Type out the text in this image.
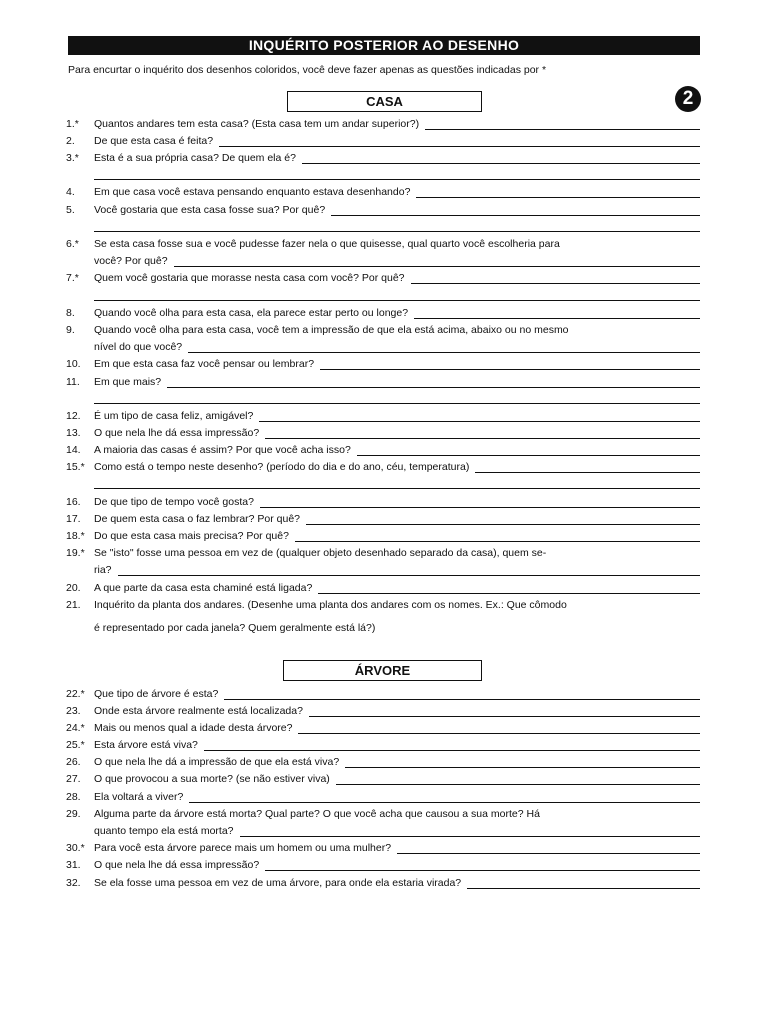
INQUÉRITO POSTERIOR AO DESENHO
Para encurtar o inquérito dos desenhos coloridos, você deve fazer apenas as questões indicadas por *
CASA	2
ÁRVORE
1.*	Quantos andares tem esta casa? (Esta casa tem um andar superior?)
2.	De que esta casa é feita?
3.*	Esta é a sua própria casa? De quem ela é?
4.	Em que casa você estava pensando enquanto estava desenhando?
5.	Você gostaria que esta casa fosse sua? Por quê?
6.*	Se esta casa fosse sua e você pudesse fazer nela o que quisesse, qual quarto você escolheria para
você? Por quê?
7.*	Quem você gostaria que morasse nesta casa com você? Por quê?
8.	Quando você olha para esta casa, ela parece estar perto ou longe?
9.	Quando você olha para esta casa, você tem a impressão de que ela está acima, abaixo ou no mesmo
nível do que você?
10.	Em que esta casa faz você pensar ou lembrar?
11.	Em que mais?
12.	É um tipo de casa feliz, amigável?
13.	O que nela lhe dá essa impressão?
14.	A maioria das casas é assim? Por que você acha isso?
15.* Como está o tempo neste desenho? (período do dia e do ano, céu, temperatura)
16.	De que tipo de tempo você gosta?
17.	De quem esta casa o faz lembrar? Por quê?
18.* Do que esta casa mais precisa? Por quê?
19.* Se "isto" fosse uma pessoa em vez de (qualquer objeto desenhado separado da casa), quem se-
ria?
20.	A que parte da casa esta chaminé está ligada?
21.	Inquérito da planta dos andares. (Desenhe uma planta dos andares com os nomes. Ex.: Que cômodo
é representado por cada janela? Quem geralmente está lá?)
22.* Que tipo de árvore é esta?
23.	Onde esta árvore realmente está localizada?
24.* Mais ou menos qual a idade desta árvore?
25.* Esta árvore está viva?
26.	O que nela lhe dá a impressão de que ela está viva?
27.	O que provocou a sua morte? (se não estiver viva)
28.	Ela voltará a viver?
29.	Alguma parte da árvore está morta? Qual parte? O que você acha que causou a sua morte? Há
quanto tempo ela está morta?
30.* Para você esta árvore parece mais um homem ou uma mulher?
31.	O que nela lhe dá essa impressão?
32.	Se ela fosse uma pessoa em vez de uma árvore, para onde ela estaria virada?
